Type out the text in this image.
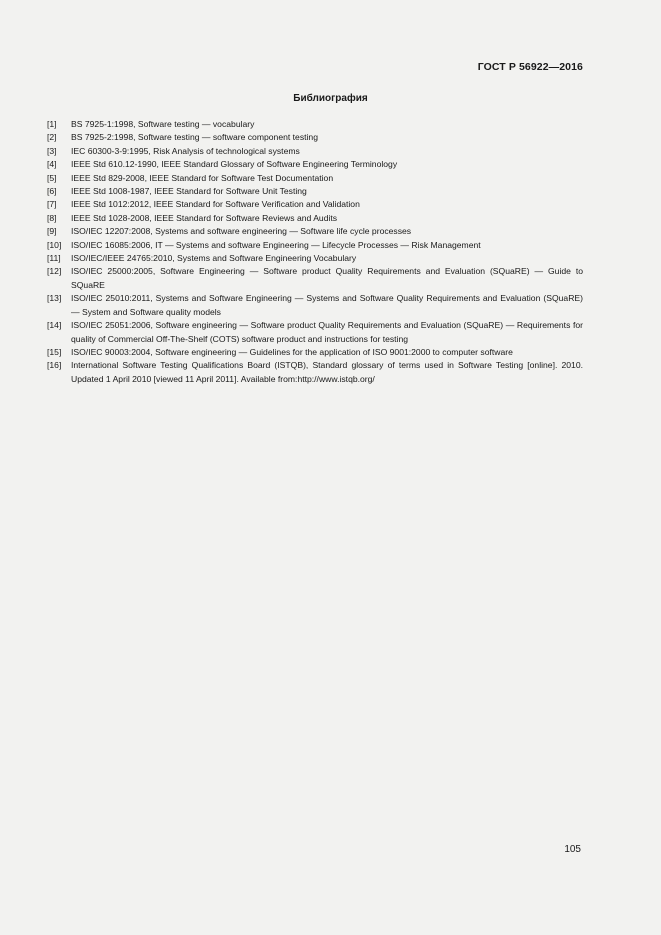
ГОСТ Р 56922—2016
Библиография
[1]	BS 7925-1:1998, Software testing — vocabulary
[2]	BS 7925-2:1998, Software testing — software component testing
[3]	IEC 60300-3-9:1995, Risk Analysis of technological systems
[4]	IEEE Std 610.12-1990, IEEE Standard Glossary of Software Engineering Terminology
[5]	IEEE Std 829-2008, IEEE Standard for Software Test Documentation
[6]	IEEE Std 1008-1987, IEEE Standard for Software Unit Testing
[7]	IEEE Std 1012:2012, IEEE Standard for Software Verification and Validation
[8]	IEEE Std 1028-2008, IEEE Standard for Software Reviews and Audits
[9]	ISO/IEC 12207:2008, Systems and software engineering — Software life cycle processes
[10]	ISO/IEC 16085:2006, IT — Systems and software Engineering — Lifecycle Processes — Risk Management
[11]	ISO/IEC/IEEE 24765:2010, Systems and Software Engineering Vocabulary
[12]	ISO/IEC 25000:2005, Software Engineering — Software product Quality Requirements and Evaluation (SQuaRE) — Guide to SQuaRE
[13]	ISO/IEC 25010:2011, Systems and Software Engineering — Systems and Software Quality Requirements and Evaluation (SQuaRE) — System and Software quality models
[14]	ISO/IEC 25051:2006, Software engineering — Software product Quality Requirements and Evaluation (SQuaRE) — Requirements for quality of Commercial Off-The-Shelf (COTS) software product and instructions for testing
[15]	ISO/IEC 90003:2004, Software engineering — Guidelines for the application of ISO 9001:2000 to computer software
[16]	International Software Testing Qualifications Board (ISTQB), Standard glossary of terms used in Software Testing [online]. 2010. Updated 1 April 2010 [viewed 11 April 2011]. Available from:http://www.istqb.org/
105
